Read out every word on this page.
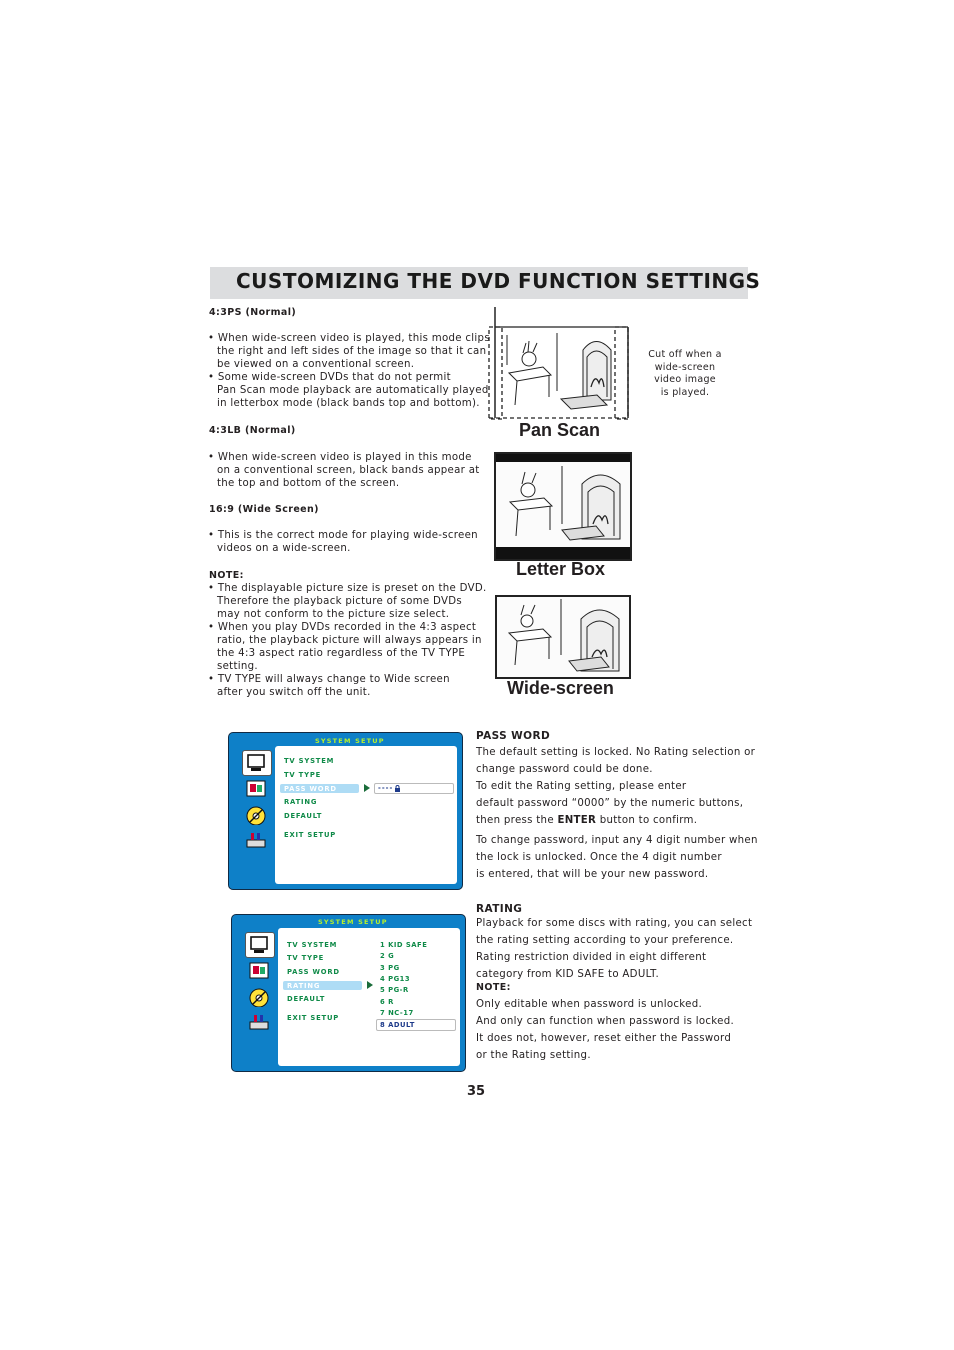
CUSTOMIZING THE DVD FUNCTION SETTINGS
4:3PS (Normal)
• When wide-screen video is played, this mode clips
the right and left sides of the image so that it can
be viewed on a conventional screen.
• Some wide-screen DVDs that do not permit
Pan Scan mode playback are automatically played
in letterbox mode (black bands top and bottom).
4:3LB (Normal)
• When wide-screen video is played in this mode
on a conventional screen, black bands appear at
the top and bottom of the screen.
16:9 (Wide Screen)
• This is the correct mode for playing wide-screen
videos on a wide-screen.
NOTE:
• The displayable picture size is preset on the DVD.
Therefore the playback picture of some DVDs
may not conform to the picture size select.
• When you play DVDs recorded in the 4:3 aspect
ratio, the playback picture will always appears in
the 4:3 aspect ratio regardless of the TV TYPE
setting.
• TV TYPE will always change to Wide screen
after you switch off the unit.
Cut off when a
wide-screen
video image
is played.
Pan Scan
Letter Box
Wide-screen
SYSTEM SETUP
TV SYSTEM
TV TYPE
PASS WORD	----
RATING
DEFAULT
EXIT SETUP
PASS WORD
The default setting is locked. No Rating selection or
change password could be done.
To edit the Rating setting, please enter
default password “0000” by the numeric buttons,
then press the ENTER button to confirm.
To change password, input any 4 digit number when
the lock is unlocked. Once the 4 digit number
is entered, that will be your new password.
SYSTEM SETUP
TV SYSTEM
TV TYPE
PASS WORD
RATING
DEFAULT
EXIT SETUP
1 KID SAFE
2 G
3 PG
4 PG13
5 PG-R
6 R
7 NC-17
8 ADULT
RATING
Playback for some discs with rating, you can select
the rating setting according to your preference.
Rating restriction divided in eight different
category from KID SAFE to ADULT.
NOTE:
Only editable when password is unlocked.
And only can function when password is locked.
It does not, however, reset either the Password
or the Rating setting.
35
